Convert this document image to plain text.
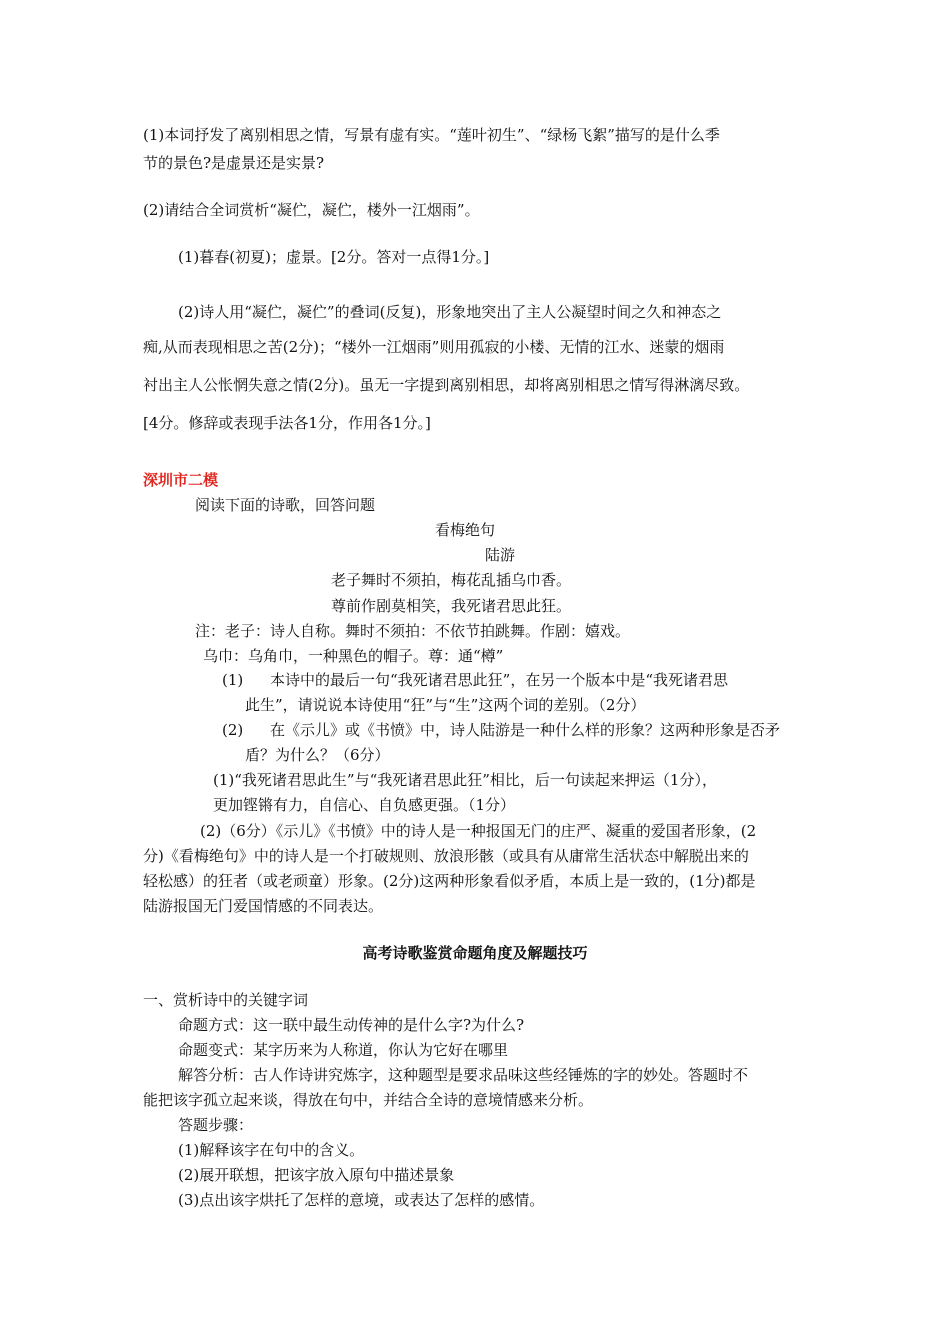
(1)本词抒发了离别相思之情，写景有虚有实。“莲叶初生”、“绿杨飞絮”描写的是什么季
节的景色?是虚景还是实景?
(2)请结合全词赏析“凝伫，凝伫，楼外一江烟雨”。
(1)暮春(初夏)；虚景。[2分。答对一点得1分。]
(2)诗人用“凝伫，凝伫”的叠词(反复)，形象地突出了主人公凝望时间之久和神态之
痴,从而表现相思之苦(2分)；“楼外一江烟雨”则用孤寂的小楼、无情的江水、迷蒙的烟雨
衬出主人公怅惘失意之情(2分)。虽无一字提到离别相思，却将离别相思之情写得淋漓尽致。
[4分。修辞或表现手法各1分，作用各1分。]
深圳市二模
阅读下面的诗歌，回答问题
看梅绝句
陆游
老子舞时不须拍，梅花乱插乌巾香。
尊前作剧莫相笑，我死诸君思此狂。
注：老子：诗人自称。舞时不须拍：不依节拍跳舞。作剧：嬉戏。
乌巾：乌角巾，一种黑色的帽子。尊：通“樽”
(1) 本诗中的最后一句“我死诸君思此狂”，在另一个版本中是“我死诸君思
此生”，请说说本诗使用“狂”与“生”这两个词的差别。（2分）
(2) 在《示儿》或《书愤》中，诗人陆游是一种什么样的形象？这两种形象是否矛
盾？为什么？（6分）
(1)“我死诸君思此生”与“我死诸君思此狂”相比，后一句读起来押运（1分），
更加铿锵有力，自信心、自负感更强。（1分）
(2)（6分）《示儿》《书愤》中的诗人是一种报国无门的庄严、凝重的爱国者形象，(2
分)《看梅绝句》中的诗人是一个打破规则、放浪形骸（或具有从庸常生活状态中解脱出来的
轻松感）的狂者（或老顽童）形象。(2分)这两种形象看似矛盾，本质上是一致的，(1分)都是
陆游报国无门爱国情感的不同表达。
高考诗歌鉴赏命题角度及解题技巧
一、赏析诗中的关键字词
命题方式：这一联中最生动传神的是什么字?为什么?
命题变式：某字历来为人称道，你认为它好在哪里
解答分析：古人作诗讲究炼字，这种题型是要求品味这些经锤炼的字的妙处。答题时不
能把该字孤立起来谈，得放在句中，并结合全诗的意境情感来分析。
答题步骤：
(1)解释该字在句中的含义。
(2)展开联想，把该字放入原句中描述景象
(3)点出该字烘托了怎样的意境，或表达了怎样的感情。
